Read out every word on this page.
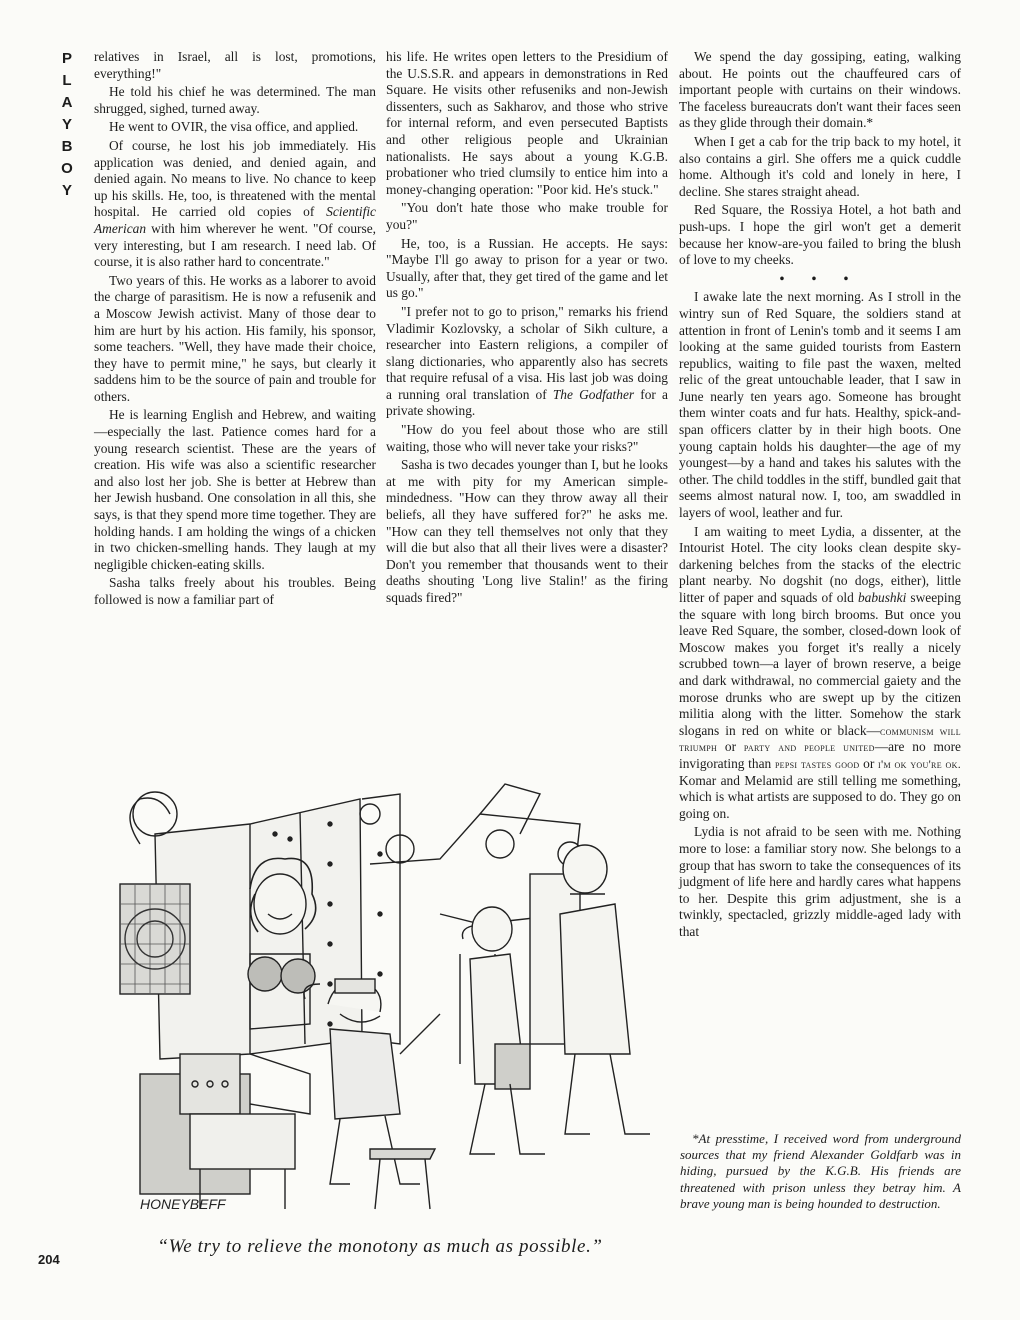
P
L
A
Y
B
O
Y

relatives in Israel, all is lost, promotions, everything!"

He told his chief he was determined. The man shrugged, sighed, turned away.

He went to OVIR, the visa office, and applied.

Of course, he lost his job immediately. His application was denied, and denied again, and denied again. No means to live. No chance to keep up his skills. He, too, is threatened with the mental hospital. He carried old copies of Scientific American with him wherever he went. "Of course, very interesting, but I am research. I need lab. Of course, it is also rather hard to concentrate."

Two years of this. He works as a laborer to avoid the charge of parasitism. He is now a refusenik and a Moscow Jewish activist. Many of those dear to him are hurt by his action. His family, his sponsor, some teachers. "Well, they have made their choice, they have to permit mine," he says, but clearly it saddens him to be the source of pain and trouble for others.

He is learning English and Hebrew, and waiting—especially the last. Patience comes hard for a young research scientist. These are the years of creation. His wife was also a scientific researcher and also lost her job. She is better at Hebrew than her Jewish husband. One consolation in all this, she says, is that they spend more time together. They are holding hands. I am holding the wings of a chicken in two chicken-smelling hands. They laugh at my negligible chicken-eating skills.

Sasha talks freely about his troubles. Being followed is now a familiar part of

his life. He writes open letters to the Presidium of the U.S.S.R. and appears in demonstrations in Red Square. He visits other refuseniks and non-Jewish dissenters, such as Sakharov, and those who strive for internal reform, and even persecuted Baptists and other religious people and Ukrainian nationalists. He says about a young K.G.B. probationer who tried clumsily to entice him into a money-changing operation: "Poor kid. He's stuck."

"You don't hate those who make trouble for you?"

He, too, is a Russian. He accepts. He says: "Maybe I'll go away to prison for a year or two. Usually, after that, they get tired of the game and let us go."

"I prefer not to go to prison," remarks his friend Vladimir Kozlovsky, a scholar of Sikh culture, a researcher into Eastern religions, a compiler of slang dictionaries, who apparently also has secrets that require refusal of a visa. His last job was doing a running oral translation of The Godfather for a private showing.

"How do you feel about those who are still waiting, those who will never take your risks?"

Sasha is two decades younger than I, but he looks at me with pity for my American simple-mindedness. "How can they throw away all their beliefs, all they have suffered for?" he asks me. "How can they tell themselves not only that they will die but also that all their lives were a disaster? Don't you remember that thousands went to their deaths shouting 'Long live Stalin!' as the firing squads fired?"

We spend the day gossiping, eating, walking about. He points out the chauffeured cars of important people with curtains on their windows. The faceless bureaucrats don't want their faces seen as they glide through their domain.*

When I get a cab for the trip back to my hotel, it also contains a girl. She offers me a quick cuddle home. Although it's cold and lonely in here, I decline. She stares straight ahead.

Red Square, the Rossiya Hotel, a hot bath and push-ups. I hope the girl won't get a demerit because her know-are-you failed to bring the blush of love to my cheeks.

• • •

I awake late the next morning. As I stroll in the wintry sun of Red Square, the soldiers stand at attention in front of Lenin's tomb and it seems I am looking at the same guided tourists from Eastern republics, waiting to file past the waxen, melted relic of the great untouchable leader, that I saw in June nearly ten years ago. Someone has brought them winter coats and fur hats. Healthy, spick-and-span officers clatter by in their high boots. One young captain holds his daughter—the age of my youngest—by a hand and takes his salutes with the other. The child toddles in the stiff, bundled gait that seems almost natural now. I, too, am swaddled in layers of wool, leather and fur.

I am waiting to meet Lydia, a dissenter, at the Intourist Hotel. The city looks clean despite sky-darkening belches from the stacks of the electric plant nearby. No dogshit (no dogs, either), little litter of paper and squads of old babushki sweeping the square with long birch brooms. But once you leave Red Square, the somber, closed-down look of Moscow makes you forget it's really a nicely scrubbed town—a layer of brown reserve, a beige and dark withdrawal, no commercial gaiety and the morose drunks who are swept up by the citizen militia along with the litter. Somehow the stark slogans in red on white or black—communism will triumph or party and people united—are no more invigorating than pepsi tastes good or i'm ok you're ok. Komar and Melamid are still telling me something, which is what artists are supposed to do. They go on going on.

Lydia is not afraid to be seen with me. Nothing more to lose: a familiar story now. She belongs to a group that has sworn to take the consequences of its judgment of life here and hardly cares what happens to her. Despite this grim adjustment, she is a twinkly, spectacled, grizzly middle-aged lady with that

*At presstime, I received word from underground sources that my friend Alexander Goldfarb was in hiding, pursued by the K.G.B. His friends are threatened with prison unless they betray him. A brave young man is being hounded to destruction.

HONEYBEFF
“We try to relieve the monotony as much as possible.”
204
